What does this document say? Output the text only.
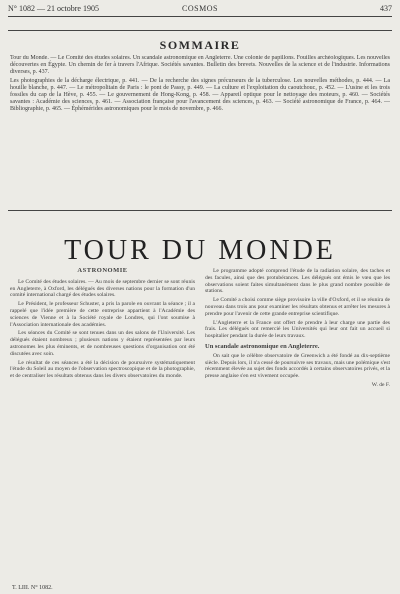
N° 1082 — 21 octobre 1905	COSMOS	437
SOMMAIRE

Tour du Monde. — Le Comité des études solaires. Un scandale astronomique en Angleterre. Une colonie de papillons. Fouilles archéologiques. Les nouvelles découvertes en Égypte. Un chemin de fer à travers l'Afrique. Sociétés savantes. Bulletin des brevets. Nouvelles de la science et de l'industrie. Informations diverses, p. 437.

Les photographies de la décharge électrique, p. 441. — De la recherche des signes précurseurs de la tuberculose. Les nouvelles méthodes, p. 444. — La houille blanche, p. 447. — Le métropolitain de Paris : le pont de Passy, p. 449. — La culture et l'exploitation du caoutchouc, p. 452. — L'usine et les trois fossiles du cap de la Hève, p. 455. — Le gouvernement de Hong-Kong, p. 458. — Appareil optique pour le nettoyage des moteurs, p. 460. — Sociétés savantes : Académie des sciences, p. 461. — Association française pour l'avancement des sciences, p. 463. — Société astronomique de France, p. 464. — Bibliographie, p. 465. — Éphémérides astronomiques pour le mois de novembre, p. 466.

TOUR DU MONDE

ASTRONOMIE

Le Comité des études solaires. — Au mois de septembre dernier se sont réunis en Angleterre, à Oxford, les délégués des diverses nations pour la formation d'un comité international chargé des études solaires.

Le Président, le professeur Schuster, a pris la parole en ouvrant la séance ; il a rappelé que l'idée première de cette entreprise appartient à l'Académie des sciences de Vienne et à la Société royale de Londres, qui l'ont soumise à l'Association internationale des académies.

Les séances du Comité se sont tenues dans un des salons de l'Université. Les délégués étaient nombreux ; plusieurs nations y étaient représentées par leurs astronomes les plus éminents, et de nombreuses questions d'organisation ont été discutées avec soin.

Le résultat de ces séances a été la décision de poursuivre systématiquement l'étude du Soleil au moyen de l'observation spectroscopique et de la photographie, et de centraliser les résultats obtenus dans les divers observatoires du monde.

Le programme adopté comprend l'étude de la radiation solaire, des taches et des facules, ainsi que des protubérances. Les délégués ont émis le vœu que les observations soient faites simultanément dans le plus grand nombre possible de stations.

Le Comité a choisi comme siège provisoire la ville d'Oxford, et il se réunira de nouveau dans trois ans pour examiner les résultats obtenus et arrêter les mesures à prendre pour l'avenir de cette grande entreprise scientifique.

L'Angleterre et la France ont offert de prendre à leur charge une partie des frais. Les délégués ont remercié les Universités qui leur ont fait un accueil si hospitalier pendant la durée de leurs travaux.

Un scandale astronomique en Angleterre.

On sait que le célèbre observatoire de Greenwich a été fondé au dix-septième siècle. Depuis lors, il n'a cessé de poursuivre ses travaux, mais une polémique s'est récemment élevée au sujet des fonds accordés à certains observatoires privés, et la presse anglaise s'en est vivement occupée.

W. de F.

T. LIII. N° 1082.
